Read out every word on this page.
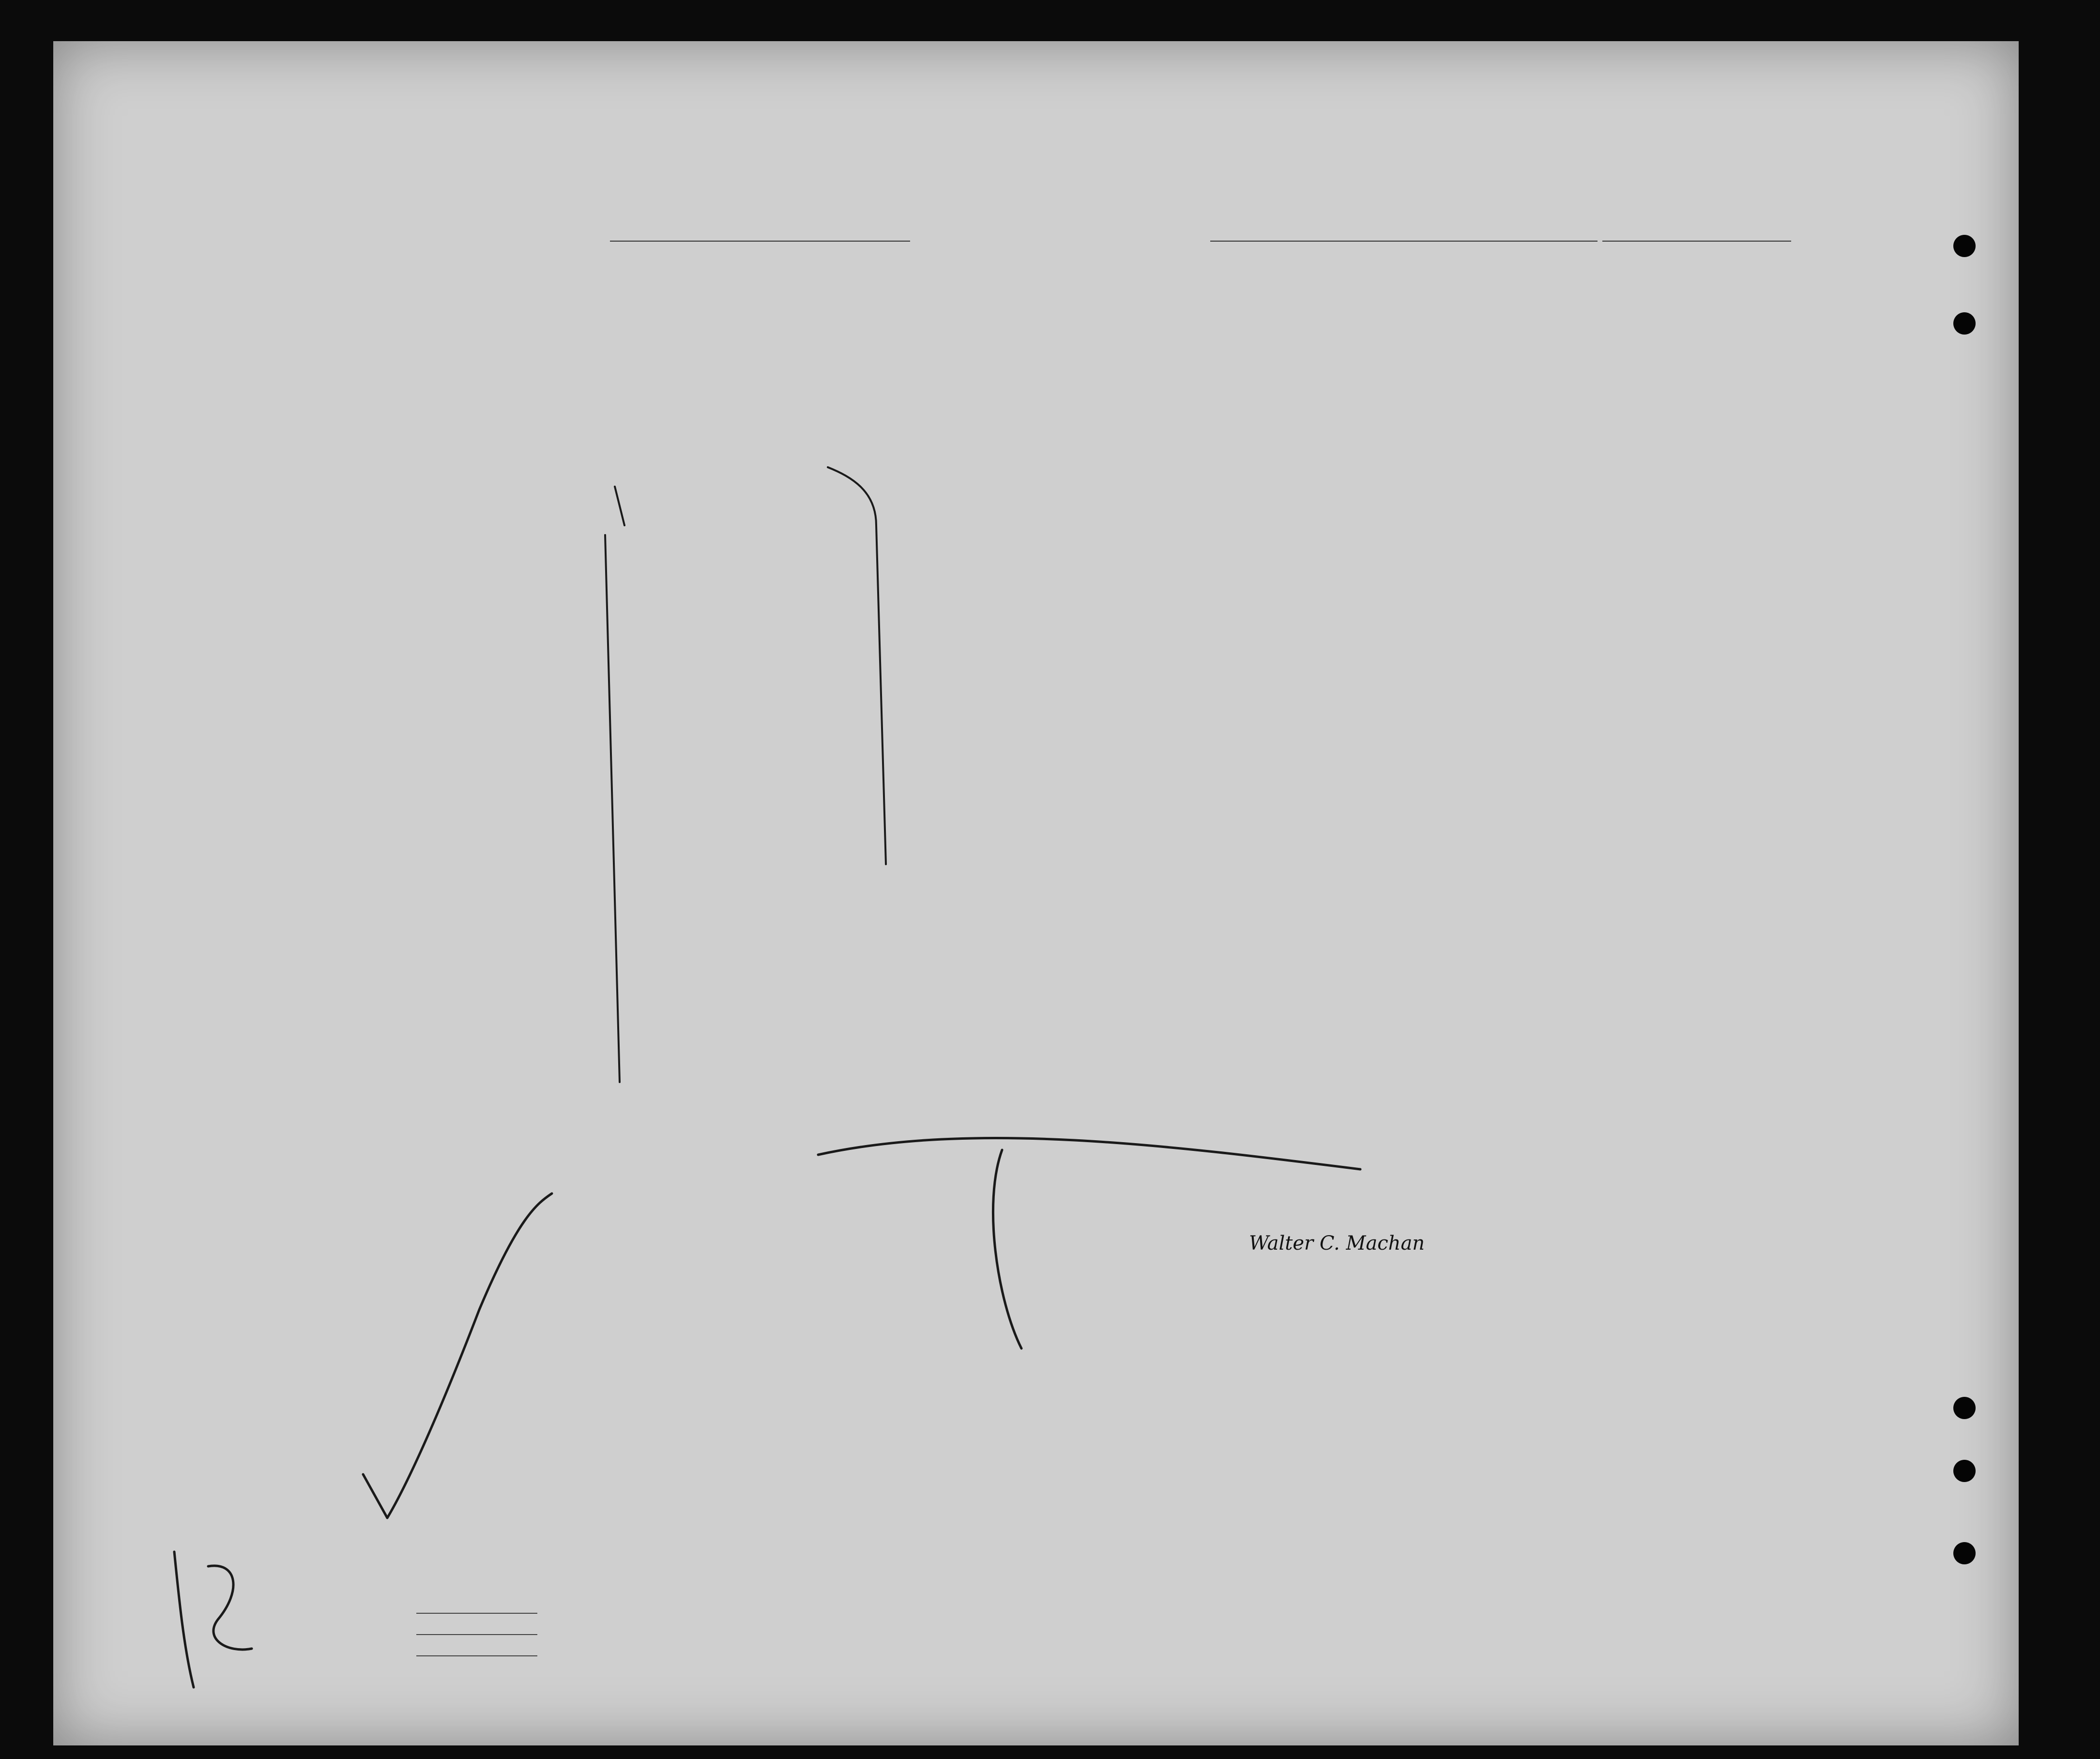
Walter C. Machan
